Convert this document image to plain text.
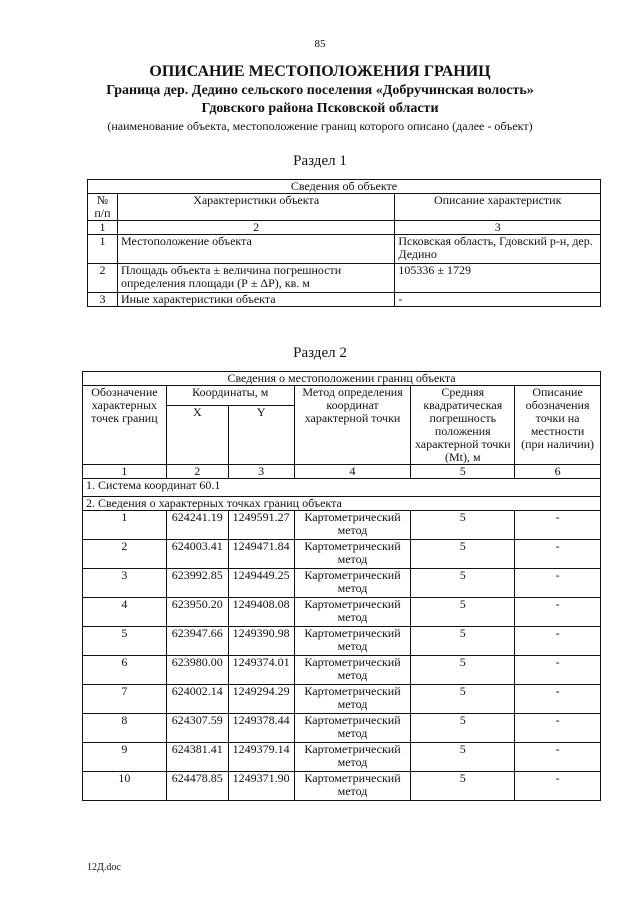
85
ОПИСАНИЕ МЕСТОПОЛОЖЕНИЯ ГРАНИЦ
Граница дер. Дедино сельского поселения «Добручинская волость»
Гдовского района Псковской области
(наименование объекта, местоположение границ которого описано (далее - объект)
Раздел 1
Сведения об объекте		
№
п/п	Характеристики объекта	Описание характеристик
1	2	3
1	Местоположение объекта	Псковская область, Гдовский р-н, дер. Дедино
2	Площадь объекта ± величина погрешности определения площади (Р ± ΔР), кв. м	105336 ± 1729
3	Иные характеристики объекта	-
Раздел 2
Сведения о местоположении границ объекта					
Обозначение характерных точек границ	Координаты, м		Метод определения координат характерной точки	Средняя квадратическая погрешность положения характерной точки (Mt), м	Описание обозначения точки на местности (при наличии)
	X	Y			
1	2	3	4	5	6
1. Система координат 60.1					
2. Сведения о характерных точках границ объекта					
1	624241.19	1249591.27	Картометрический метод	5	-
2	624003.41	1249471.84	Картометрический метод	5	-
3	623992.85	1249449.25	Картометрический метод	5	-
4	623950.20	1249408.08	Картометрический метод	5	-
5	623947.66	1249390.98	Картометрический метод	5	-
6	623980.00	1249374.01	Картометрический метод	5	-
7	624002.14	1249294.29	Картометрический метод	5	-
8	624307.59	1249378.44	Картометрический метод	5	-
9	624381.41	1249379.14	Картометрический метод	5	-
10	624478.85	1249371.90	Картометрический метод	5	-
12Д.doc
